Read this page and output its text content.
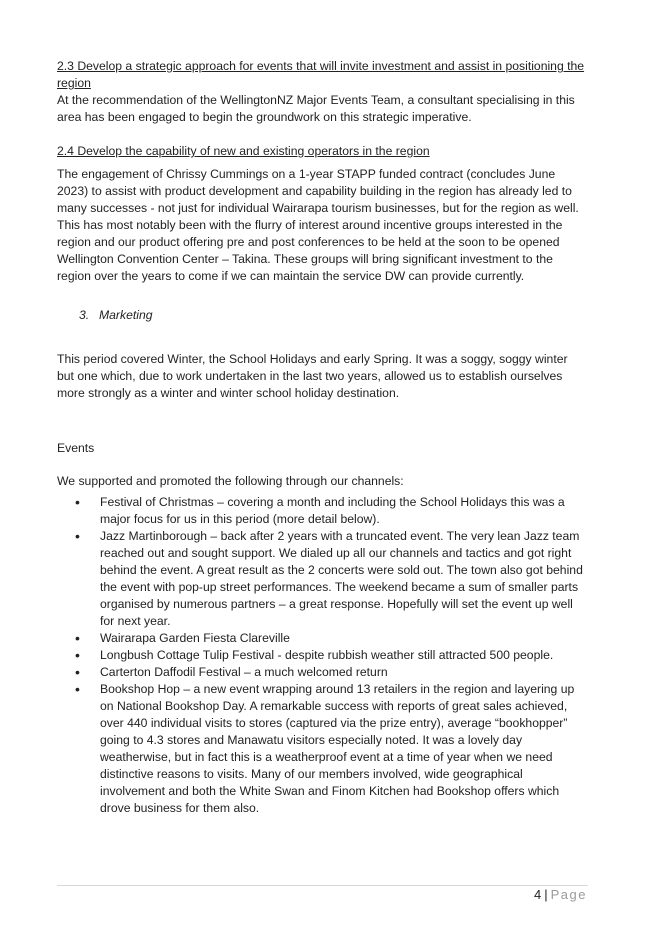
2.3 Develop a strategic approach for events that will invite investment and assist in positioning the region

At the recommendation of the WellingtonNZ Major Events Team, a consultant specialising in this area has been engaged to begin the groundwork on this strategic imperative.

2.4 Develop the capability of new and existing operators in the region

The engagement of Chrissy Cummings on a 1-year STAPP funded contract (concludes June 2023) to assist with product development and capability building in the region has already led to many successes - not just for individual Wairarapa tourism businesses, but for the region as well. This has most notably been with the flurry of interest around incentive groups interested in the region and our product offering pre and post conferences to be held at the soon to be opened Wellington Convention Center – Takina. These groups will bring significant investment to the region over the years to come if we can maintain the service DW can provide currently.

3. Marketing

This period covered Winter, the School Holidays and early Spring. It was a soggy, soggy winter but one which, due to work undertaken in the last two years, allowed us to establish ourselves more strongly as a winter and winter school holiday destination.

Events

We supported and promoted the following through our channels:

• Festival of Christmas – covering a month and including the School Holidays this was a major focus for us in this period (more detail below).
• Jazz Martinborough – back after 2 years with a truncated event. The very lean Jazz team reached out and sought support. We dialed up all our channels and tactics and got right behind the event. A great result as the 2 concerts were sold out. The town also got behind the event with pop-up street performances. The weekend became a sum of smaller parts organised by numerous partners – a great response. Hopefully will set the event up well for next year.
• Wairarapa Garden Fiesta Clareville
• Longbush Cottage Tulip Festival - despite rubbish weather still attracted 500 people.
• Carterton Daffodil Festival – a much welcomed return
• Bookshop Hop – a new event wrapping around 13 retailers in the region and layering up on National Bookshop Day. A remarkable success with reports of great sales achieved, over 440 individual visits to stores (captured via the prize entry), average “bookhopper” going to 4.3 stores and Manawatu visitors especially noted. It was a lovely day weatherwise, but in fact this is a weatherproof event at a time of year when we need distinctive reasons to visits. Many of our members involved, wide geographical involvement and both the White Swan and Finom Kitchen had Bookshop offers which drove business for them also.
4 | Page
